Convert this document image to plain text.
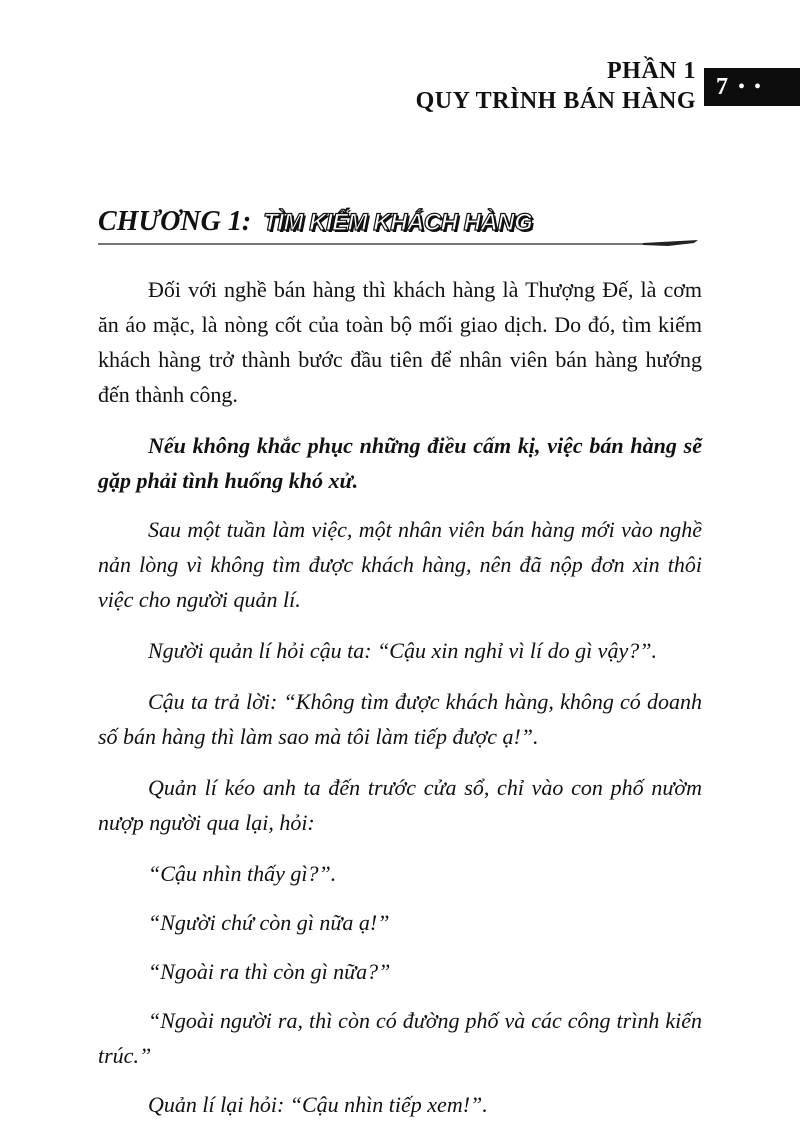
PHẦN 1
QUY TRÌNH BÁN HÀNG
7 • •
CHƯƠNG 1: TÌM KIẾM KHÁCH HÀNG

Đối với nghề bán hàng thì khách hàng là Thượng Đế, là cơm ăn áo mặc, là nòng cốt của toàn bộ mối giao dịch. Do đó, tìm kiếm khách hàng trở thành bước đầu tiên để nhân viên bán hàng hướng đến thành công.

Nếu không khắc phục những điều cấm kị, việc bán hàng sẽ gặp phải tình huống khó xử.

Sau một tuần làm việc, một nhân viên bán hàng mới vào nghề nản lòng vì không tìm được khách hàng, nên đã nộp đơn xin thôi việc cho người quản lí.

Người quản lí hỏi cậu ta: “Cậu xin nghỉ vì lí do gì vậy?”.

Cậu ta trả lời: “Không tìm được khách hàng, không có doanh số bán hàng thì làm sao mà tôi làm tiếp được ạ!”.

Quản lí kéo anh ta đến trước cửa sổ, chỉ vào con phố nườm nượp người qua lại, hỏi:

“Cậu nhìn thấy gì?”.

“Người chứ còn gì nữa ạ!”

“Ngoài ra thì còn gì nữa?”

“Ngoài người ra, thì còn có đường phố và các công trình kiến trúc.”

Quản lí lại hỏi: “Cậu nhìn tiếp xem!”.
